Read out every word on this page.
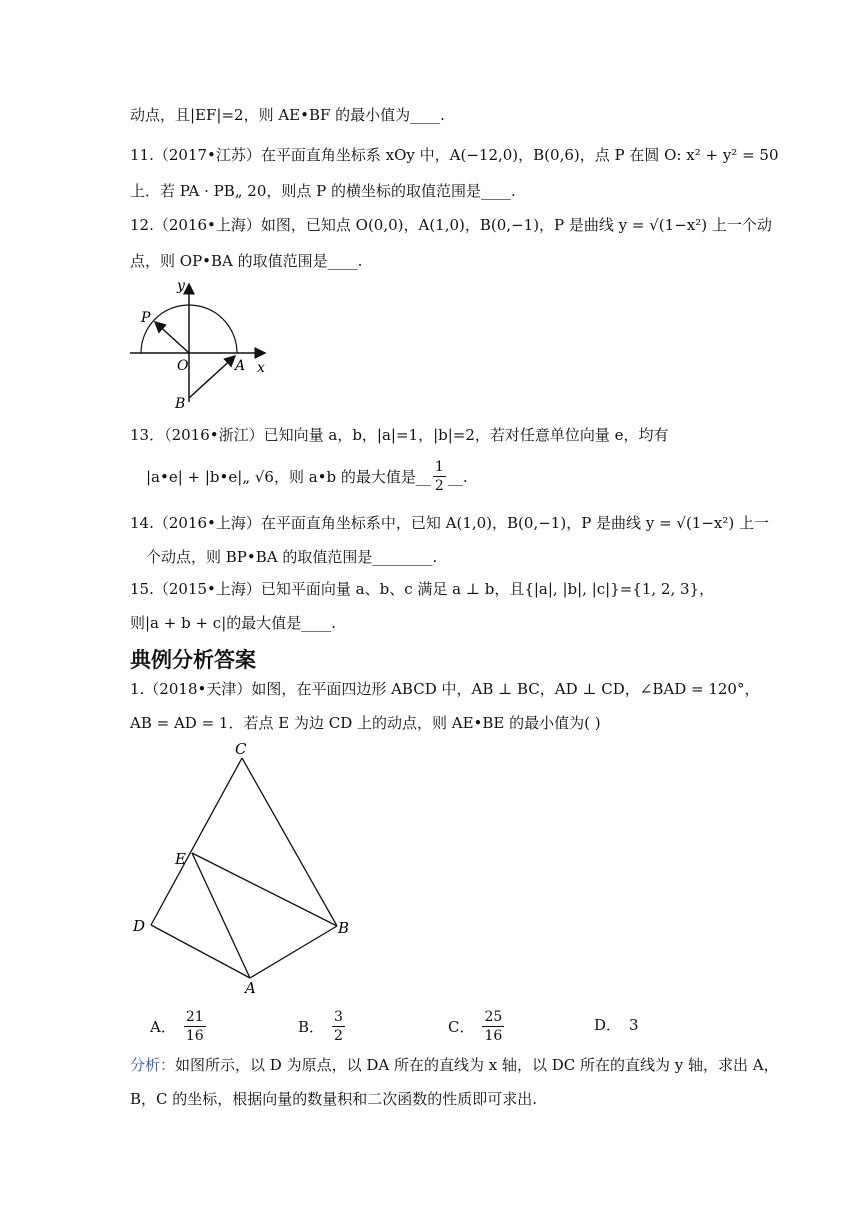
动点，且|EF|=2，则 AE•BF 的最小值为____.
11.（2017•江苏）在平面直角坐标系 xOy 中，A(−12,0)，B(0,6)，点 P 在圆 O: x² + y² = 50
上．若 PA · PB„ 20，则点 P 的横坐标的取值范围是____.
12.（2016•上海）如图，已知点 O(0,0)，A(1,0)，B(0,−1)，P 是曲线 y = √(1−x²) 上一个动
点，则 OP•BA 的取值范围是____.
y
x
P
O	A
B
13．（2016•浙江）已知向量 a，b，|a|=1，|b|=2，若对任意单位向量 e，均有
|a•e| + |b•e|„ √6，则 a•b 的最大值是__ $\frac{1}{2}$ __.
14.（2016•上海）在平面直角坐标系中，已知 A(1,0)，B(0,−1)，P 是曲线 y = √(1−x²) 上一
个动点，则 BP•BA 的取值范围是________.
15.（2015•上海）已知平面向量 a、b、c 满足 a ⊥ b，且{|a|, |b|, |c|}={1, 2, 3}，
则|a + b + c|的最大值是____.
典例分析答案
1.（2018•天津）如图，在平面四边形 ABCD 中，AB ⊥ BC，AD ⊥ CD，∠BAD = 120°，
AB = AD = 1．若点 E 为边 CD 上的动点，则 AE•BE 的最小值为( )
C
E
D	B
A
A． $\frac{21}{16}$	B． $\frac{3}{2}$	C． $\frac{25}{16}$	D． 3
分析：如图所示，以 D 为原点，以 DA 所在的直线为 x 轴，以 DC 所在的直线为 y 轴，求出 A，
B，C 的坐标，根据向量的数量积和二次函数的性质即可求出.
